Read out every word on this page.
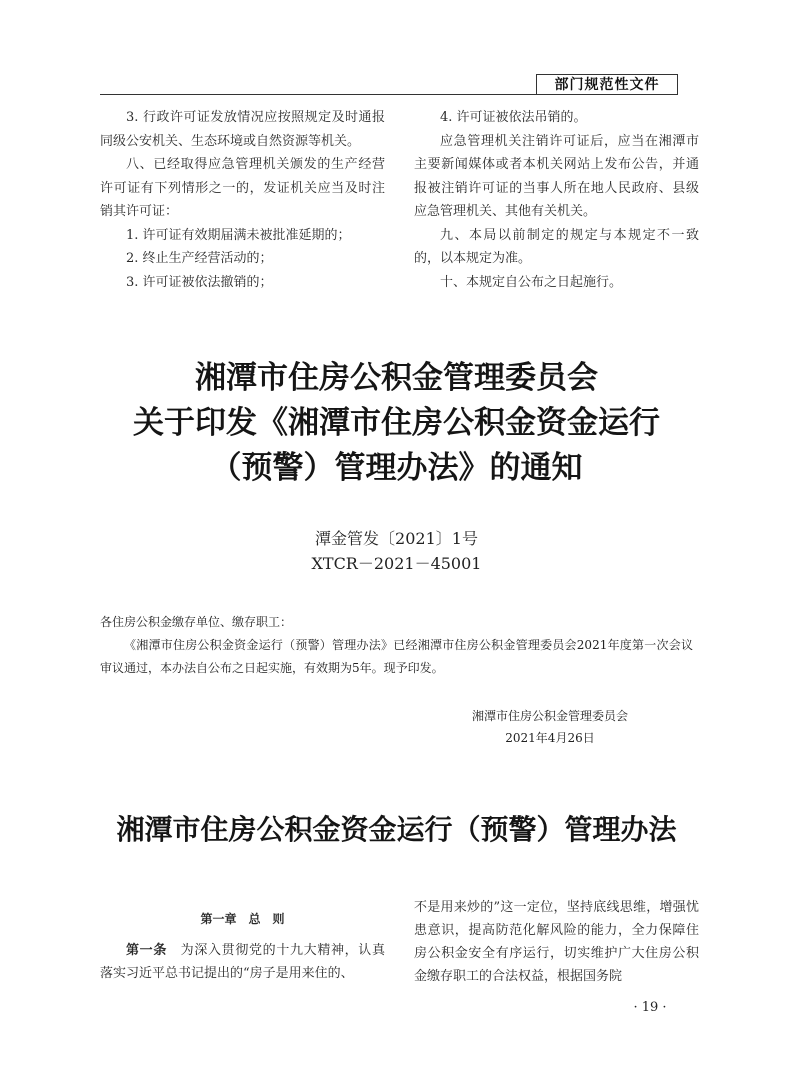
部门规范性文件

3. 行政许可证发放情况应按照规定及时通报同级公安机关、生态环境或自然资源等机关。

八、已经取得应急管理机关颁发的生产经营许可证有下列情形之一的，发证机关应当及时注销其许可证：

1. 许可证有效期届满未被批准延期的；

2. 终止生产经营活动的；

3. 许可证被依法撤销的；

4. 许可证被依法吊销的。

应急管理机关注销许可证后，应当在湘潭市主要新闻媒体或者本机关网站上发布公告，并通报被注销许可证的当事人所在地人民政府、县级应急管理机关、其他有关机关。

九、本局以前制定的规定与本规定不一致的，以本规定为准。

十、本规定自公布之日起施行。

湘潭市住房公积金管理委员会
关于印发《湘潭市住房公积金资金运行
（预警）管理办法》的通知
潭金管发〔2021〕1号
XTCR－2021－45001

各住房公积金缴存单位、缴存职工：

《湘潭市住房公积金资金运行（预警）管理办法》已经湘潭市住房公积金管理委员会2021年度第一次会议审议通过，本办法自公布之日起实施，有效期为5年。现予印发。

湘潭市住房公积金管理委员会
2021年4月26日
湘潭市住房公积金资金运行（预警）管理办法

第一章　总　则

第一条　 为深入贯彻党的十九大精神，认真落实习近平总书记提出的“房子是用来住的、

不是用来炒的”这一定位，坚持底线思维，增强忧患意识，提高防范化解风险的能力，全力保障住房公积金安全有序运行，切实维护广大住房公积金缴存职工的合法权益，根据国务院

· 19 ·
